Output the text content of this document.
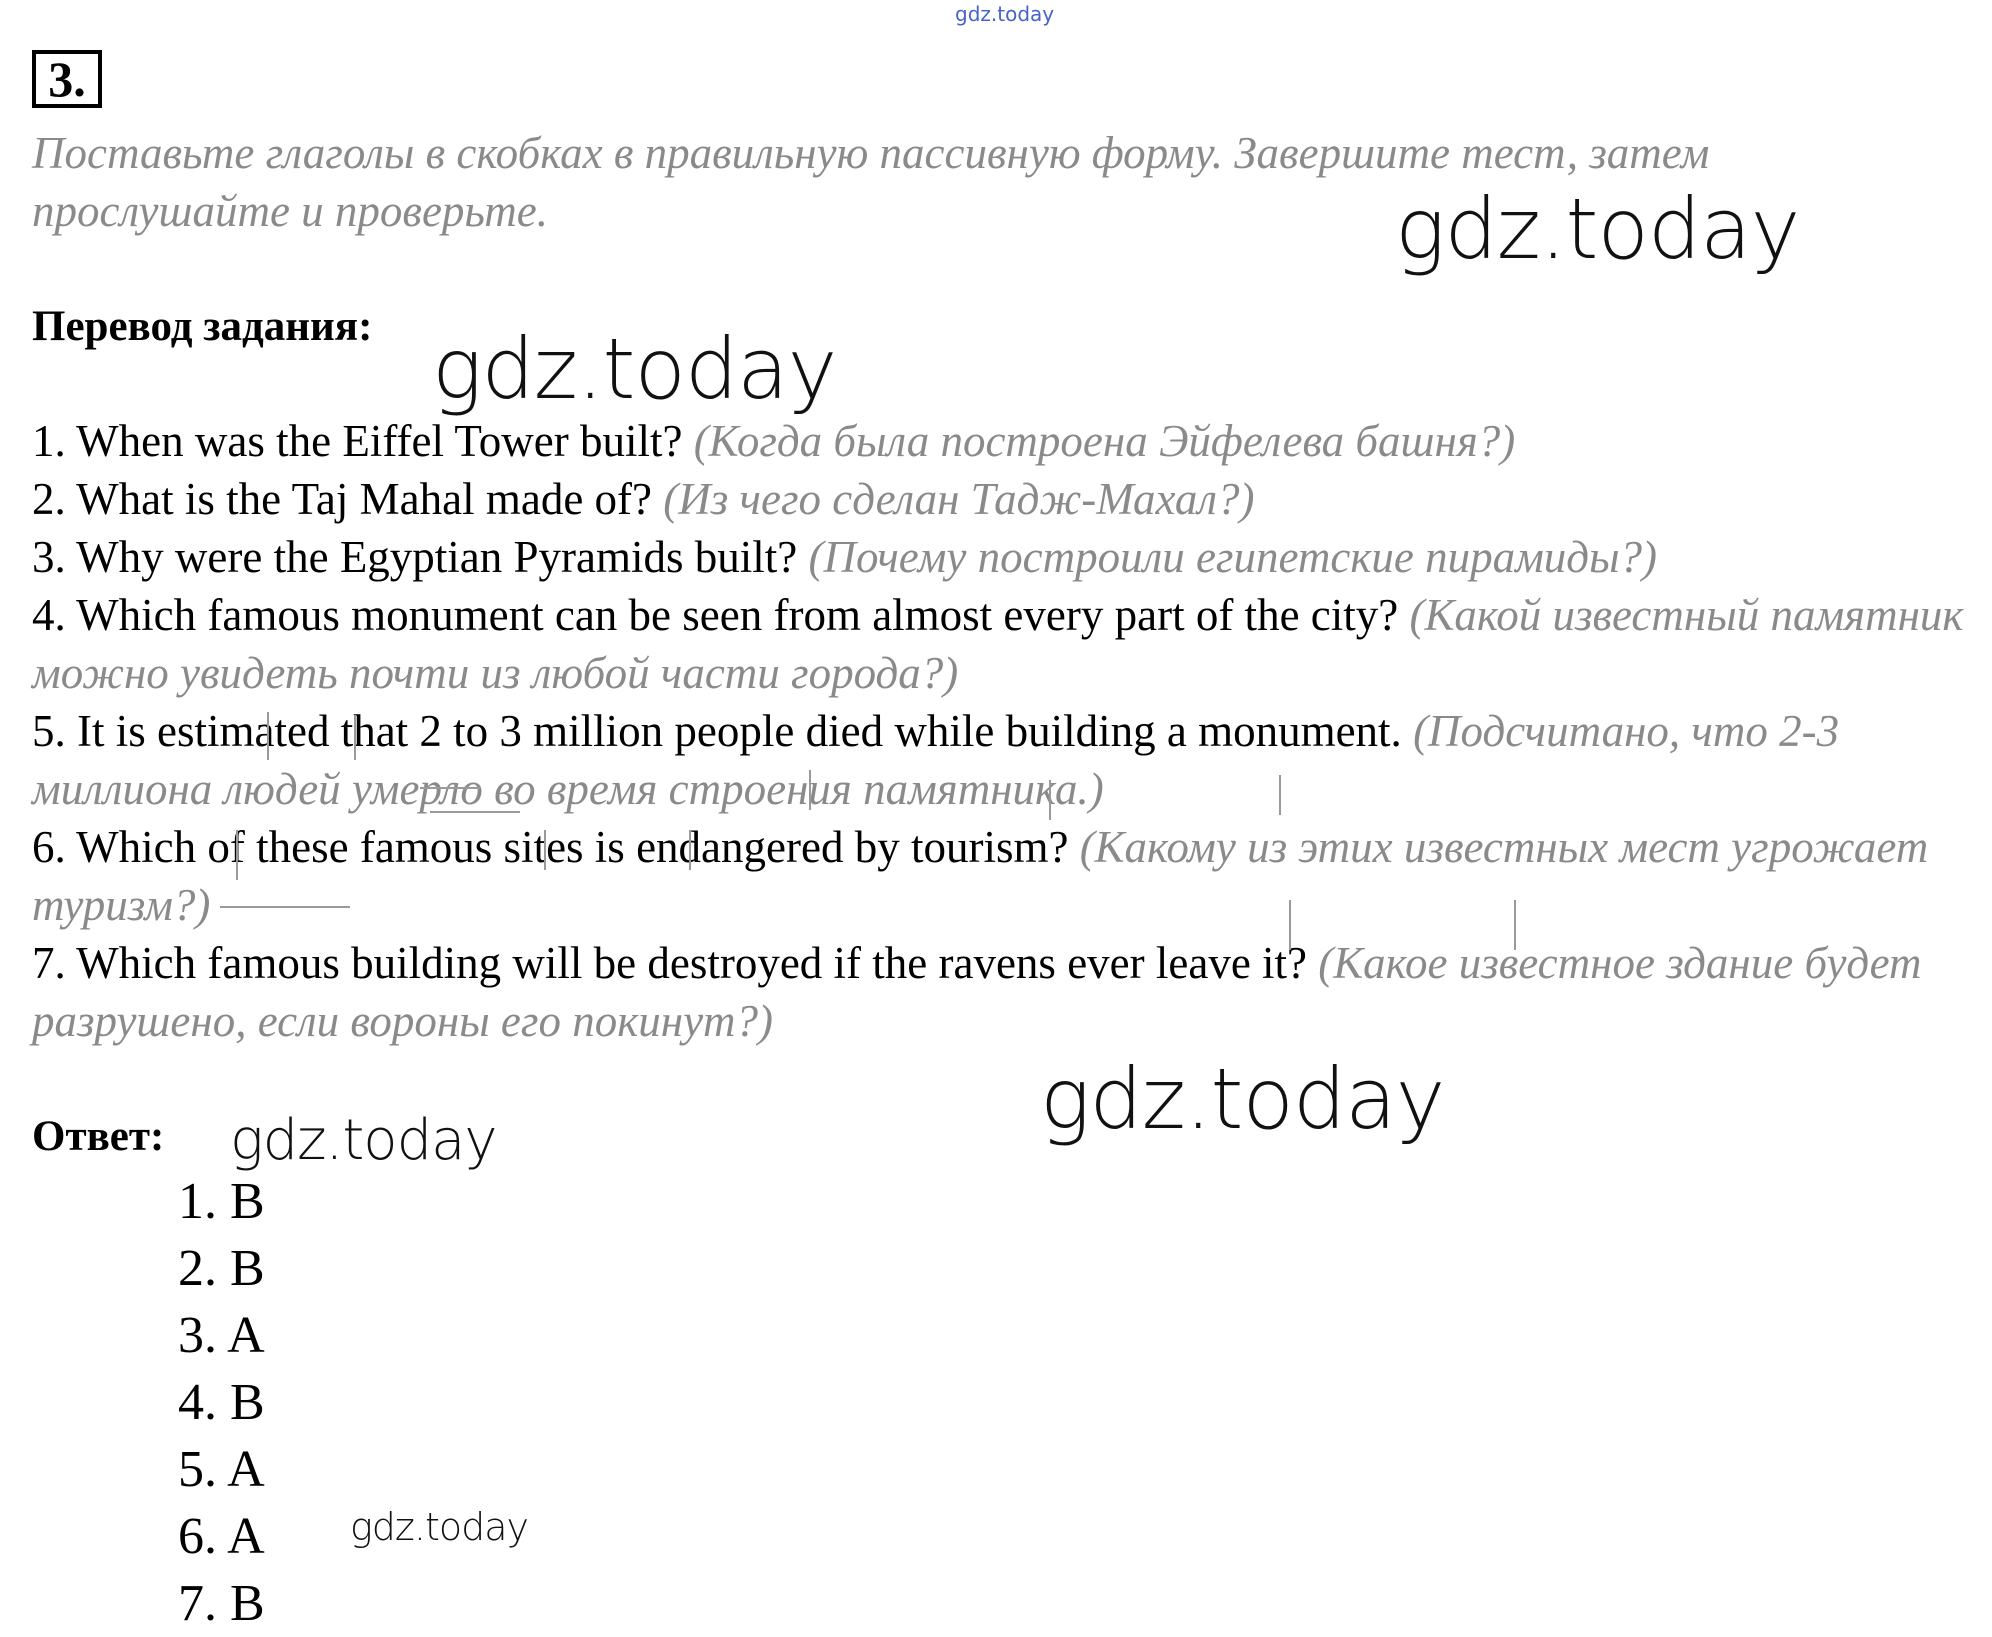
gdz.today
3.
Поставьте глаголы в скобках в правильную пассивную форму. Завершите тест, затем прослушайте и проверьте.	gdz.today
Перевод задания: gdz.today
1. When was the Eiffel Tower built? (Когда была построена Эйфелева башня?)
2. What is the Taj Mahal made of? (Из чего сделан Тадж-Махал?)
3. Why were the Egyptian Pyramids built? (Почему построили египетские пирамиды?)
4. Which famous monument can be seen from almost every part of the city? (Какой известный памятник можно увидеть почти из любой части города?)
5. It is estimated that 2 to 3 million people died while building a monument. (Подсчитано, что 2-3 миллиона людей умерло во время строения памятника.)
6. Which of these famous sites is endangered by tourism? (Какому из этих известных мест угрожает туризм?)
7. Which famous building will be destroyed if the ravens ever leave it? (Какое известное здание будет разрушено, если вороны его покинут?)
gdz.today
Ответ: gdz.today
1. B
2. B
3. A
4. B
5. A
6. A
7. B
gdz.today
